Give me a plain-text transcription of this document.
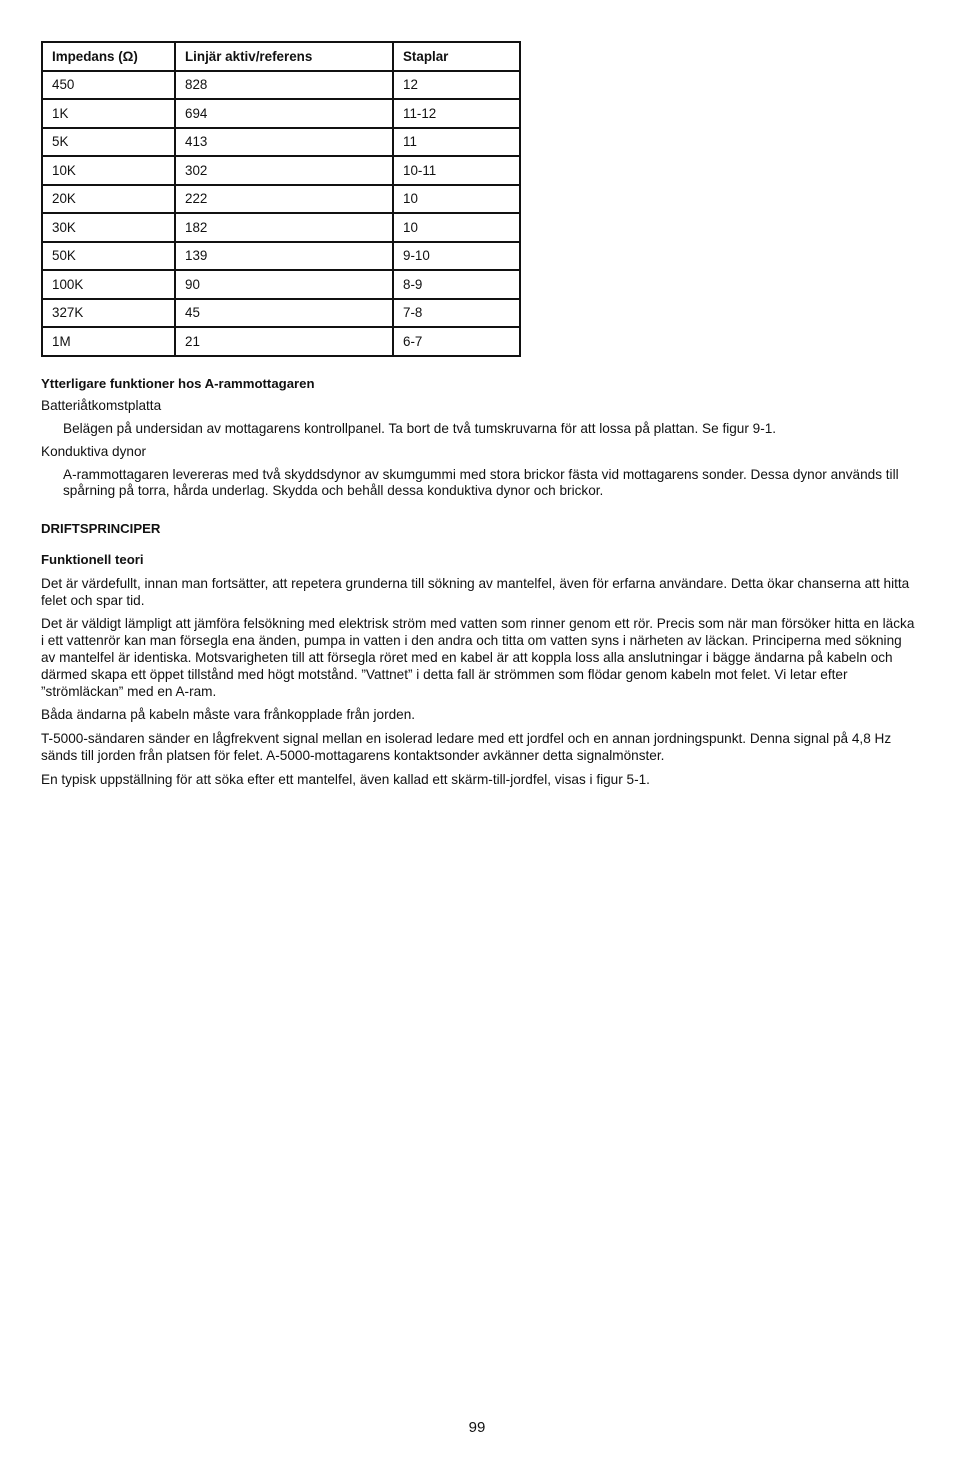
Impedans (Ω)	Linjär aktiv/referens	Staplar
450	828	12
1K	694	11-12
5K	413	11
10K	302	10-11
20K	222	10
30K	182	10
50K	139	9-10
100K	90	8-9
327K	45	7-8
1M	21	6-7

Ytterligare funktioner hos A-rammottagaren

Batteriåtkomstplatta

Belägen på undersidan av mottagarens kontrollpanel. Ta bort de två tumskruvarna för att lossa på plattan. Se figur 9-1.

Konduktiva dynor

A-rammottagaren levereras med två skyddsdynor av skumgummi med stora brickor fästa vid mottagarens sonder. Dessa dynor används till spårning på torra, hårda underlag. Skydda och behåll dessa konduktiva dynor och brickor.

DRIFTSPRINCIPER

Funktionell teori

Det är värdefullt, innan man fortsätter, att repetera grunderna till sökning av mantelfel, även för erfarna användare. Detta ökar chanserna att hitta felet och spar tid.

Det är väldigt lämpligt att jämföra felsökning med elektrisk ström med vatten som rinner genom ett rör. Precis som när man försöker hitta en läcka i ett vattenrör kan man försegla ena änden, pumpa in vatten i den andra och titta om vatten syns i närheten av läckan. Principerna med sökning av mantelfel är identiska. Motsvarigheten till att försegla röret med en kabel är att koppla loss alla anslutningar i bägge ändarna på kabeln och därmed skapa ett öppet tillstånd med högt motstånd. ”Vattnet” i detta fall är strömmen som flödar genom kabeln mot felet. Vi letar efter ”strömläckan” med en A-ram.

Båda ändarna på kabeln måste vara frånkopplade från jorden.

T-5000-sändaren sänder en lågfrekvent signal mellan en isolerad ledare med ett jordfel och en annan jordningspunkt. Denna signal på 4,8 Hz sänds till jorden från platsen för felet. A-5000-mottagarens kontaktsonder avkänner detta signalmönster.

En typisk uppställning för att söka efter ett mantelfel, även kallad ett skärm-till-jordfel, visas i figur 5-1.

99
